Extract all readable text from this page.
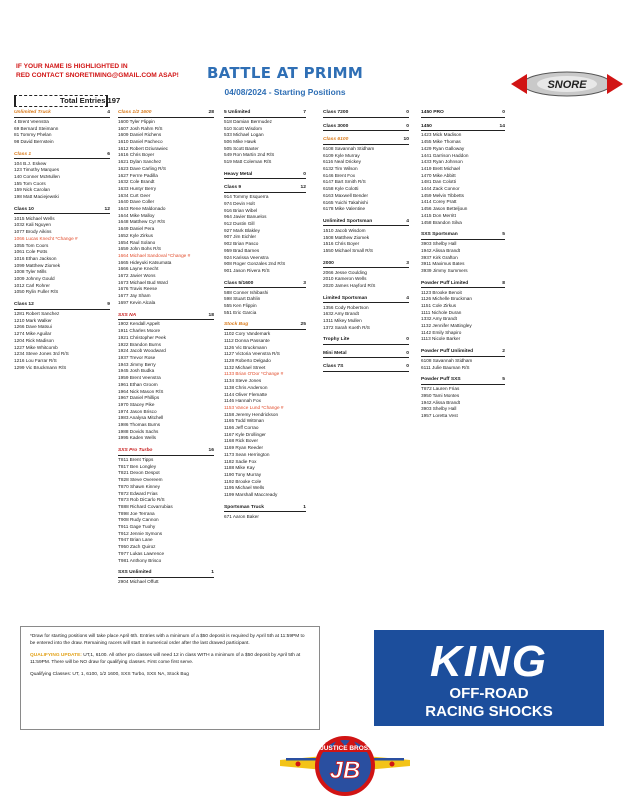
IF YOUR NAME IS HIGHLIGHTED IN
RED CONTACT SNORETIMING@GMAIL.COM ASAP!	BATTLE AT PRIMM
04/08/2024 - Starting Positions
SNORE
Total Entries 197
Unlimited Truck	4
4 Brent Veenstra
69 Bernard Steimann
81 Tommy Phelan
98 David Bernstein
Class 1	6
104 B.J. Eskew
123 Timothy Marques
140 Conner McMullen
155 Tom Coors
159 Nick Carolan
198 Matt Maciejewski
Class 10	12
1015 Michael Wells
1032 Kali Nguyen
1077 Brody Aikins
1066 Lucas Knecht *Change #
1055 Tom Coors
1061 Cole Potts
1016 Ethan Jackson
1099 Matthew Ziomek
1008 Tyler Mills
1009 Johnny Gould
1012 Carl Rohrer
1050 Rylin Fuller R/S
Class 12	9
1281 Robert Sanchez
1210 Mark Walker
1266 Dave Matsui
1274 Mike Aguilar
1204 Rick Madison
1227 Mike Whitcomb
1234 Steve Jones 3rd R/S
1216 Lou Farrar R/S
1299 Vic Bruckmann R/S
Class 1/2 1600	28
1600 Tyler Flippin
1607 Josh Rahm R/S
1609 Daniel Richens
1610 Daniel Pacheco
1612 Robert Dziurawiec
1616 Chris Boyer
1621 Dylan Sanchez
1623 Dave Carling R/S
1627 Ferrre Padilla
1632 Cole Brandt
1633 Huntyr Berry
1634 Curt Geer
1640 Dave Coller
1643 Rene Maldonado
1644 Mike Malloy
1648 Matthew Cyr R/S
1649 Daniel Pera
1652 Kyle Zirkus
1654 Raul Solano
1659 John Bohs R/S
1664 Michael Sandoval *Change #
1665 Hideyuki Katsumata
1666 Layne Knecht
1672 Javier Wons
1673 Michael Bud Ward
1676 Travis Reese
1677 Jay Sham
1697 Kevin Alcala
SXS NA	18
1902 Kendall Appelt
1911 Charles Moore
1921 Christopher Peek
1922 Brandon Burns
1924 Jacob Woodward
1937 Trevor Rose
1943 Jimmy Berry
1945 Josh Budka
1959 Brent Veenstra
1961 Ethan Groom
1964 Nick Mason R/S
1967 Daniel Phillips
1970 Stacey Pike
1974 Jason Brisco
1983 Analysa Mitchell
1986 Thomas Burns
1988 Dovids Sachs
1995 Kaden Wells
SXS Pro Turbo	16
T811 Brent Tipps
T817 Ben Longley
T821 Dexon Despot
T828 Steve Overeem
T870 Shawn Kinney
T872 Edward Frias
T873 Rob DiCarlo R/S
T888 Richard Covarrubias
T898 Joe Terrana
T908 Rudy Cannon
T911 Gage Tuohy
T912 Jennie Symons
T947 Brian Lane
T950 Zach Quiroz
T977 Lukas Lawrence
T981 Anthony Brisco
SXS Unlimited	1
2904 Michael Offutt
5 Unlimited	7
518 Damian Bermudez
510 Scott Wisdom
533 Michael Logan
506 Mike Hawk
505 Scott Baxter
549 Ron Martin 2nd R/S
519 Matt Coleman R/S
Heavy Metal	0
Class 9	12
914 Tommy Esquerra
974 Devin Holt
916 Brian Wibel
964 Javier Banuelos
912 Dustin Gill
927 Mark Blakley
907 Jim Eichler
902 Brian Pasco
959 Brad Barnes
924 Karissa Veenstra
908 Roger Gonzales 2nd R/S
901 Jason Rivera R/S
Class 5/1600	3
588 Conner Ishibashi
598 Stuart Dahlin
555 Ken Flippin
551 Eric Garcia
Stock Bug	25
1102 Cory Vandemark
1112 Donna Passante
1126 Vic Bruckmann
1127 Victoria Veenstra R/S
1128 Roberto Delgado
1132 Michael Street
1133 Brian O'Dor *Change #
1134 Steve Jones
1138 Chris Anderson
1144 Oliver Flematte
1146 Hannah Fox
1153 Vance Lund *Change #
1158 Jeremy Hendrickson
1165 Todd Wittman
1166 Jeff Corrao
1167 Kyle Drollinger
1168 Rick Bover
1169 Ryan Reeder
1173 Sean Herrington
1182 Sadie Fox
1188 Mike Kay
1190 Tony Murray
1192 Brooke Cole
1195 Michael Wells
1199 Marshall Maccready
Sportsman Truck	1
671 Aaron Baker
Class 7200	0
Class 3000	0
Class 6100	10
6108 Savannah Stidham
6109 Kyle Murray
6116 Neal Drickey
6132 Tim Wilson
6146 Brent Fox
6147 Bart Smith R/S
6158 Kyle Colotti
6163 Maxwell Bender
6165 Yuichi Takahishi
6178 Mike Valentine
Unlimited Sportsman	4
1510 Jacob Wisdom
1508 Matthew Ziomek
1516 Chris Boyer
1550 Michael Small R/S
2000	3
2066 Jesse Goulding
2010 Kameron Wells
2020 James Hayford R/S
Limited Sportsman	4
1356 Cody Robertson
1632 Amy Brandt
1311 Mikey Mullen
1372 Sarah Koeth R/S
Trophy Lite	0
Mini Metal	0
Class 7S	0
1450 PRO	0
1450	14
1423 Mick Madison
1455 Mike Thomas
1429 Ryan Galloway
1441 Garrison Haddon
1433 Ryan Johnson
1419 Brett Michael
1470 Mike Abbitt
1481 Dan Colotti
1444 Zack Connor
1459 Melvin Tibbetts
1414 Corey Pratt
1456 Jason Betteljoun
1415 Don Merritt
1458 Brandon Silva
SXS Sportsman	5
3903 Shelby Hall
1942 Alissa Brandt
3937 Kirk Grafton
3911 Maximus Bates
3939 Jimmy Summers
Powder Puff Limited	8
1123 Brooke Benoit
1126 Michelle Bruckman
1151 Cole Zirkus
1111 Nichole Duran
1332 Amy Brandt
1132 Jennifer Mattingley
1142 Emily Shapiro
1113 Nicole Barker
Powder Puff Unlimited	2
6108 Savannah Stidham
6111 Julie Bauman R/S
Powder Puff SXS	5
T872 Lauren Frias
3950 Tami Montes
1942 Alissa Brandt
3903 Shelby Hall
1957 Loretta Vest

*Draw for starting positions will take place April 6th. Entries with a minimum of a $50 deposit is required by April 5th at 11:59PM to be entered into the draw. Remaining racers will start in numerical order after the last drawed participant.

QUALIFYING UPDATE: UT,1, 6100. All other pro classes will need 12 in class WITH a minimum of a $50 deposit by April 5th at 11:59PM. There will be NO draw for qualifying classes. First come first serve.

Qualifying Classes: UT, 1, 6100, 1/2 1600, SXS Turbo, SXS NA, Stock Bug	KING
OFF-ROAD
RACING SHOCKS
JUSTICE BROS.
JB
